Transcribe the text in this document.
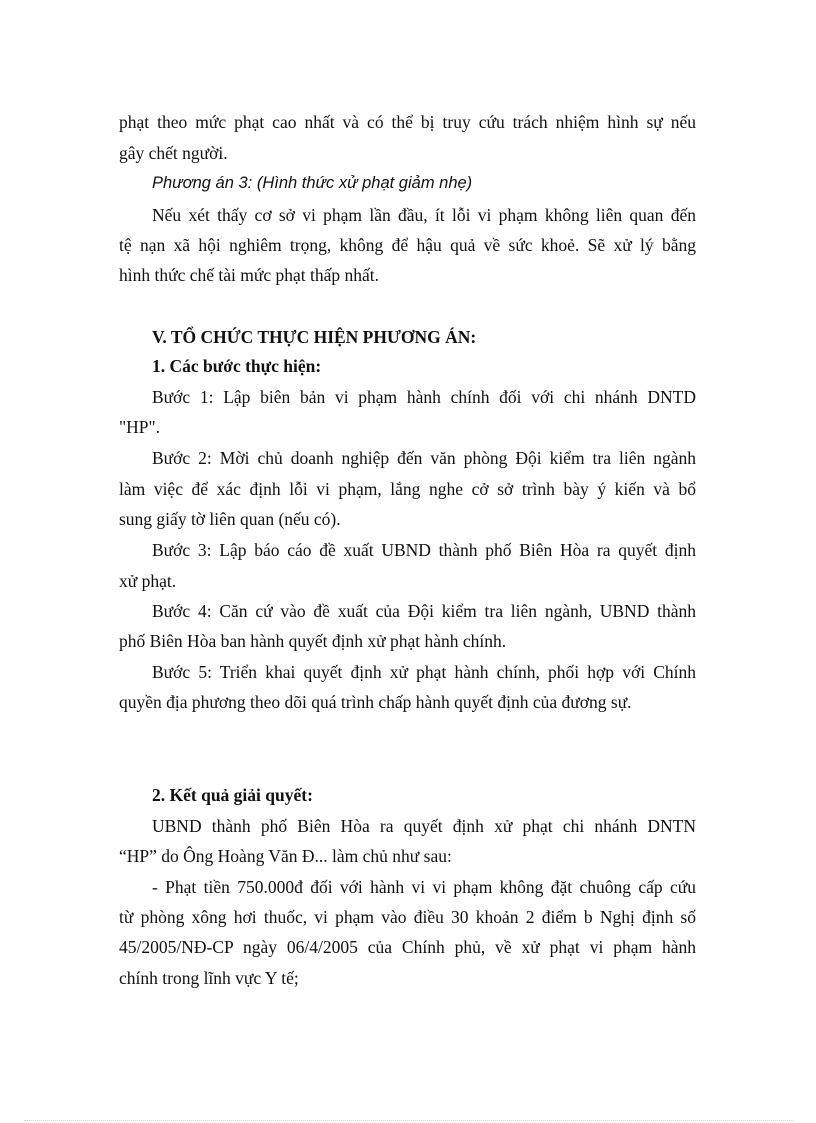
phạt theo mức phạt cao nhất và có thể bị truy cứu trách nhiệm hình sự nếu

gây chết người.

Phương án 3: (Hình thức xử phạt giảm nhẹ)

Nếu xét thấy cơ sở vi phạm lần đầu, ít lỗi vi phạm không liên quan đến

tệ nạn xã hội nghiêm trọng, không để hậu quả về sức khoẻ. Sẽ xử lý bằng

hình thức chế tài mức phạt thấp nhất.

V. TỔ CHỨC THỰC HIỆN PHƯƠNG ÁN:

1. Các bước thực hiện:

Bước 1: Lập biên bản vi phạm hành chính đối với chi nhánh DNTD

"HP".

Bước 2: Mời chủ doanh nghiệp đến văn phòng Đội kiểm tra liên ngành

làm việc để xác định lỗi vi phạm, lắng nghe cở sở trình bày ý kiến và bổ

sung giấy tờ liên quan (nếu có).

Bước 3: Lập báo cáo đề xuất UBND thành phố Biên Hòa ra quyết định

xử phạt.

Bước 4: Căn cứ vào đề xuất của Đội kiểm tra liên ngành, UBND thành

phố Biên Hòa ban hành quyết định xử phạt hành chính.

Bước 5: Triển khai quyết định xử phạt hành chính, phối hợp với Chính

quyền địa phương theo dõi quá trình chấp hành quyết định của đương sự.

2. Kết quả giải quyết:

UBND thành phố Biên Hòa ra quyết định xử phạt chi nhánh DNTN

“HP” do Ông Hoàng Văn Đ... làm chủ như sau:

- Phạt tiền 750.000đ đối với hành vi vi phạm không đặt chuông cấp cứu

từ phòng xông hơi thuốc, vi phạm vào điều 30 khoản 2 điểm b Nghị định số

45/2005/NĐ-CP ngày 06/4/2005 của Chính phủ, về xử phạt vi phạm hành

chính trong lĩnh vực Y tế;
